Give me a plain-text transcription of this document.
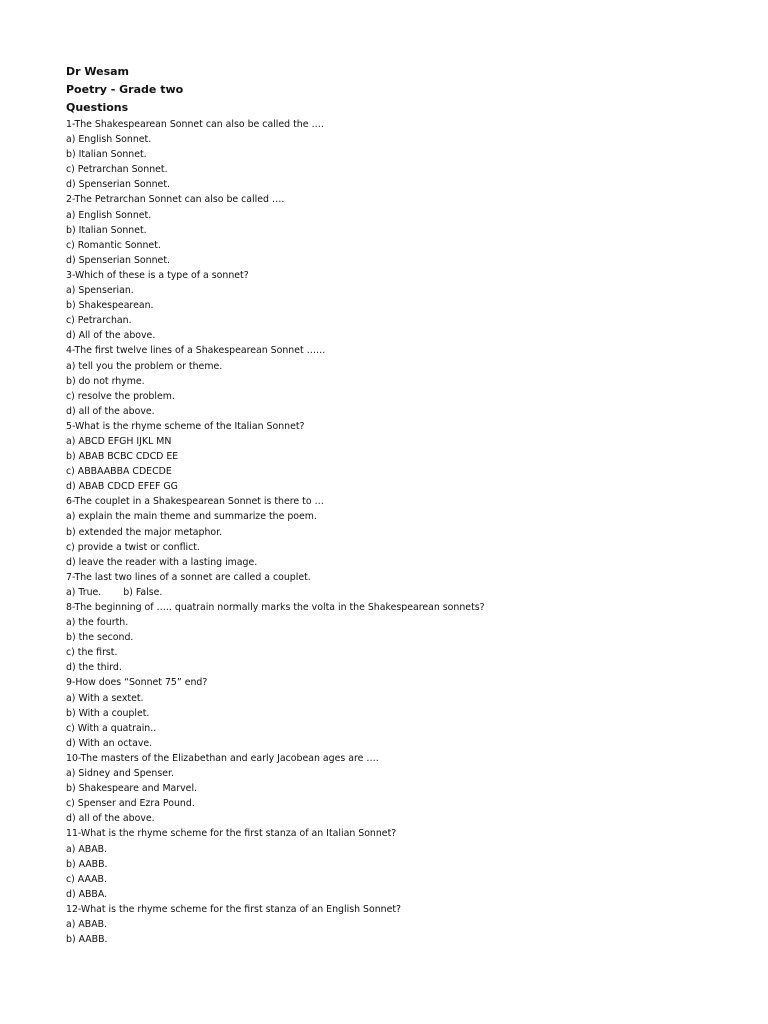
Dr Wesam
Poetry - Grade two
Questions
1-The Shakespearean Sonnet can also be called the ….
a) English Sonnet.
b) Italian Sonnet.
c) Petrarchan Sonnet.
d) Spenserian Sonnet.
2-The Petrarchan Sonnet can also be called ….
a) English Sonnet.
b) Italian Sonnet.
c) Romantic Sonnet.
d) Spenserian Sonnet.
3-Which of these is a type of a sonnet?
a) Spenserian.
b) Shakespearean.
c) Petrarchan.
d) All of the above.
4-The first twelve lines of a Shakespearean Sonnet ……
a) tell you the problem or theme.
b) do not rhyme.
c) resolve the problem.
d) all of the above.
5-What is the rhyme scheme of the Italian Sonnet?
a) ABCD EFGH IJKL MN
b) ABAB BCBC CDCD EE
c) ABBAABBA CDECDE
d) ABAB CDCD EFEF GG
6-The couplet in a Shakespearean Sonnet is there to …
a) explain the main theme and summarize the poem.
b) extended the major metaphor.
c) provide a twist or conflict.
d) leave the reader with a lasting image.
7-The last two lines of a sonnet are called a couplet.
a) True. b) False.
8-The beginning of ….. quatrain normally marks the volta in the Shakespearean sonnets?
a) the fourth.
b) the second.
c) the first.
d) the third.
9-How does “Sonnet 75” end?
a) With a sextet.
b) With a couplet.
c) With a quatrain..
d) With an octave.
10-The masters of the Elizabethan and early Jacobean ages are ….
a) Sidney and Spenser.
b) Shakespeare and Marvel.
c) Spenser and Ezra Pound.
d) all of the above.
11-What is the rhyme scheme for the first stanza of an Italian Sonnet?
a) ABAB.
b) AABB.
c) AAAB.
d) ABBA.
12-What is the rhyme scheme for the first stanza of an English Sonnet?
a) ABAB.
b) AABB.
